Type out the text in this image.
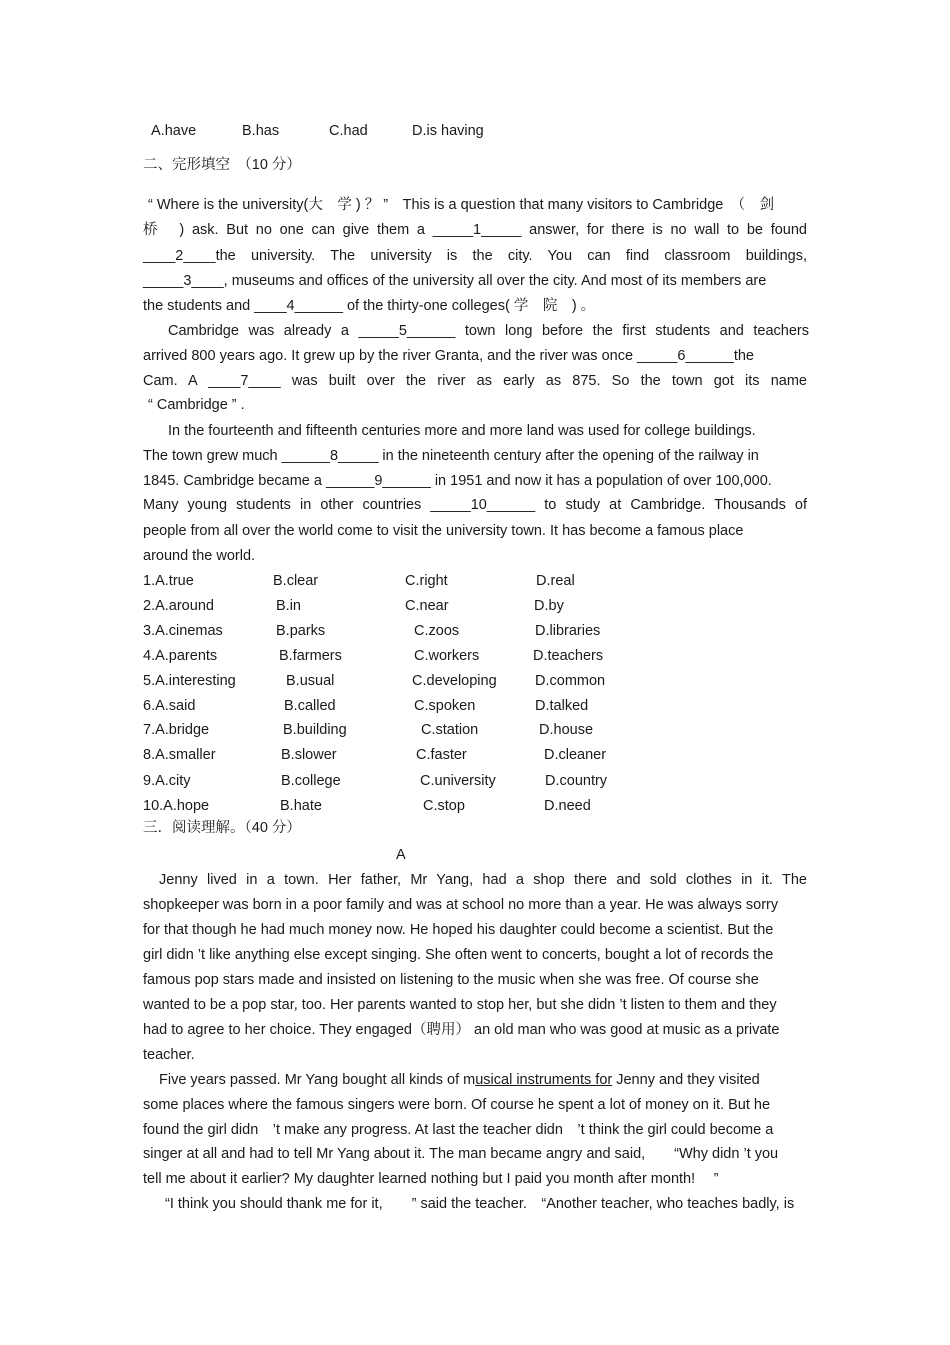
A.have	B.has	C.had	D.is having
二、完形填空　（10 分）
“ Where is the university(大　学 ) ？ ”　This is a question that many visitors to Cambridge　（　剑
桥　) ask. But no one can give them a _____1_____ answer, for there is no wall to be found
____2____the university. The university is the city. You can find classroom buildings,
_____3____, museums and offices of the university all over the city. And most of its members are
the students and ____4______ of the thirty-one colleges( 学　院　) 。
Cambridge was already a _____5______ town long before the first students and teachers
arrived 800 years ago. It grew up by the river Granta, and the river was once _____6______the
Cam. A ____7____ was built over the river as early as 875. So the town got its name
“ Cambridge ” .
In the fourteenth and fifteenth centuries more and more land was used for college buildings.
The town grew much ______8_____ in the nineteenth century after the opening of the railway in
1845. Cambridge became a ______9______ in 1951 and now it has a population of over 100,000.
Many young students in other countries _____10______ to study at Cambridge. Thousands of
people from all over the world come to visit the university town. It has become a famous place
around the world.
1.A.true	B.clear	C.right	D.real
2.A.around	B.in	C.near	D.by
3.A.cinemas	B.parks	C.zoos	D.libraries
4.A.parents	B.farmers	C.workers	D.teachers
5.A.interesting	B.usual	C.developing	D.common
6.A.said	B.called	C.spoken	D.talked
7.A.bridge	B.building	C.station	D.house
8.A.smaller	B.slower	C.faster	D.cleaner
9.A.city	B.college	C.university	D.country
10.A.hope	B.hate	C.stop	D.need
三．阅读理解。（40 分）
A
Jenny lived in a town. Her father, Mr Yang, had a shop there and sold clothes in it. The
shopkeeper was born in a poor family and was at school no more than a year. He was always sorry
for that though he had much money now. He hoped his daughter could become a scientist. But the
girl didn ’t like anything else except singing. She often went to concerts, bought a lot of records the
famous pop stars made and insisted on listening to the music when she was free. Of course she
wanted to be a pop star, too. Her parents wanted to stop her, but she didn ’t listen to them and they
had to agree to her choice. They engaged（聘用） an old man who was good at music as a private
teacher.
Five years passed. Mr Yang bought all kinds of musical instruments for Jenny and they visited
some places where the famous singers were born. Of course he spent a lot of money on it. But he
found the girl didn　’t make any progress. At last the teacher didn　’t think the girl could become a
singer at all and had to tell Mr Yang about it. The man became angry and said,　　“Why didn ’t you
tell me about it earlier? My daughter learned nothing but I paid you month after month!　 ”
“I think you should thank me for it,　　” said the teacher.　“Another teacher, who teaches badly, is
